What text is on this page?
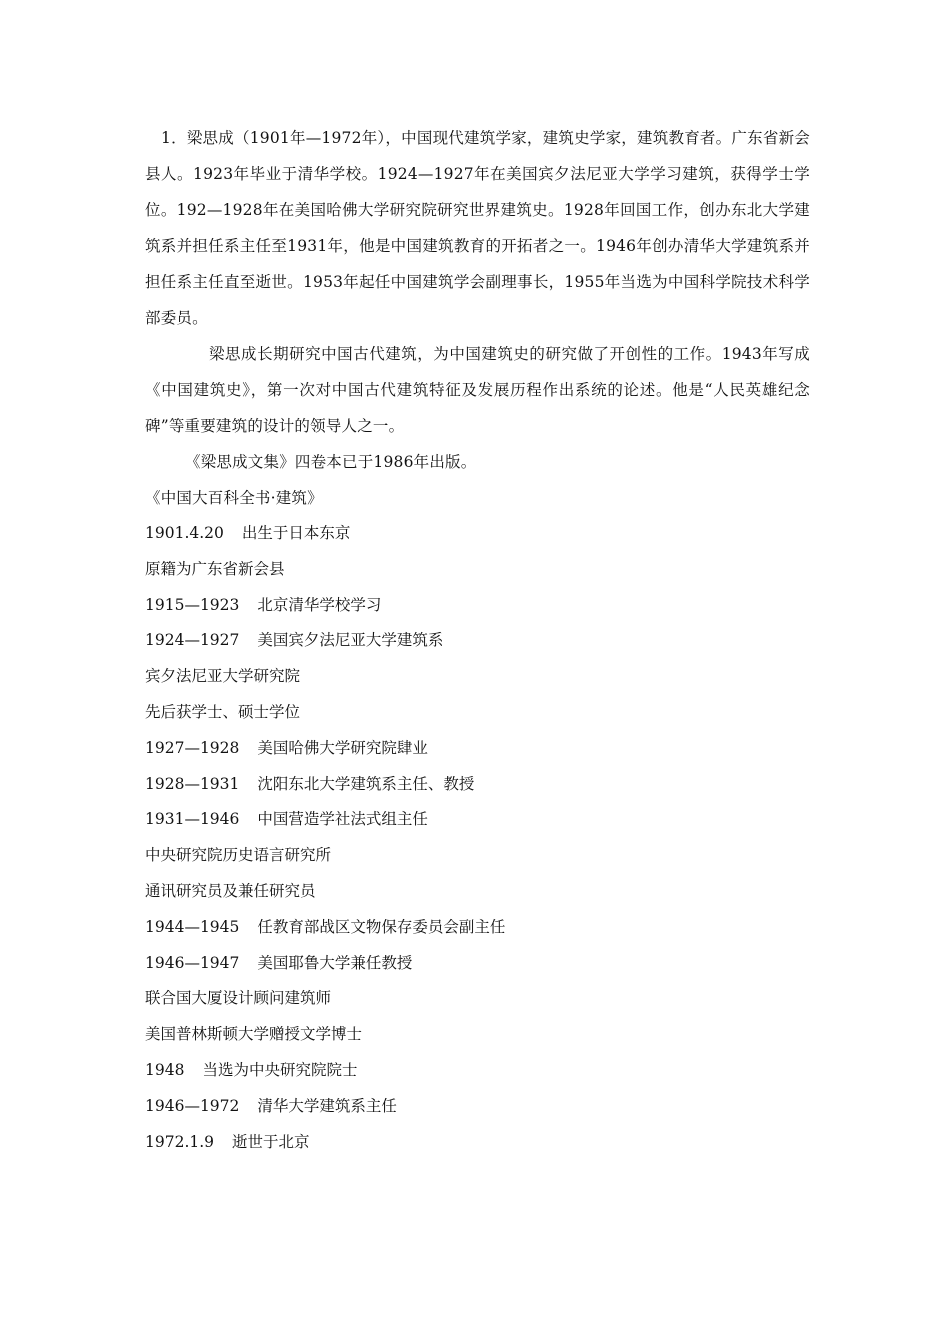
1．梁思成（1901年—1972年），中国现代建筑学家，建筑史学家，建筑教育者。广东省新会县人。1923年毕业于清华学校。1924—1927年在美国宾夕法尼亚大学学习建筑，获得学士学位。192—1928年在美国哈佛大学研究院研究世界建筑史。1928年回国工作，创办东北大学建筑系并担任系主任至1931年，他是中国建筑教育的开拓者之一。1946年创办清华大学建筑系并担任系主任直至逝世。1953年起任中国建筑学会副理事长，1955年当选为中国科学院技术科学部委员。

梁思成长期研究中国古代建筑，为中国建筑史的研究做了开创性的工作。1943年写成《中国建筑史》，第一次对中国古代建筑特征及发展历程作出系统的论述。他是“人民英雄纪念碑”等重要建筑的设计的领导人之一。

《梁思成文集》四卷本已于1986年出版。

《中国大百科全书·建筑》

1901.4.20 出生于日本东京
原籍为广东省新会县
1915—1923 北京清华学校学习
1924—1927 美国宾夕法尼亚大学建筑系
宾夕法尼亚大学研究院
先后获学士、硕士学位
1927—1928 美国哈佛大学研究院肆业
1928—1931 沈阳东北大学建筑系主任、教授
1931—1946 中国营造学社法式组主任
中央研究院历史语言研究所
通讯研究员及兼任研究员
1944—1945 任教育部战区文物保存委员会副主任
1946—1947 美国耶鲁大学兼任教授
联合国大厦设计顾问建筑师
美国普林斯顿大学赠授文学博士
1948 当选为中央研究院院士
1946—1972 清华大学建筑系主任
1972.1.9 逝世于北京
